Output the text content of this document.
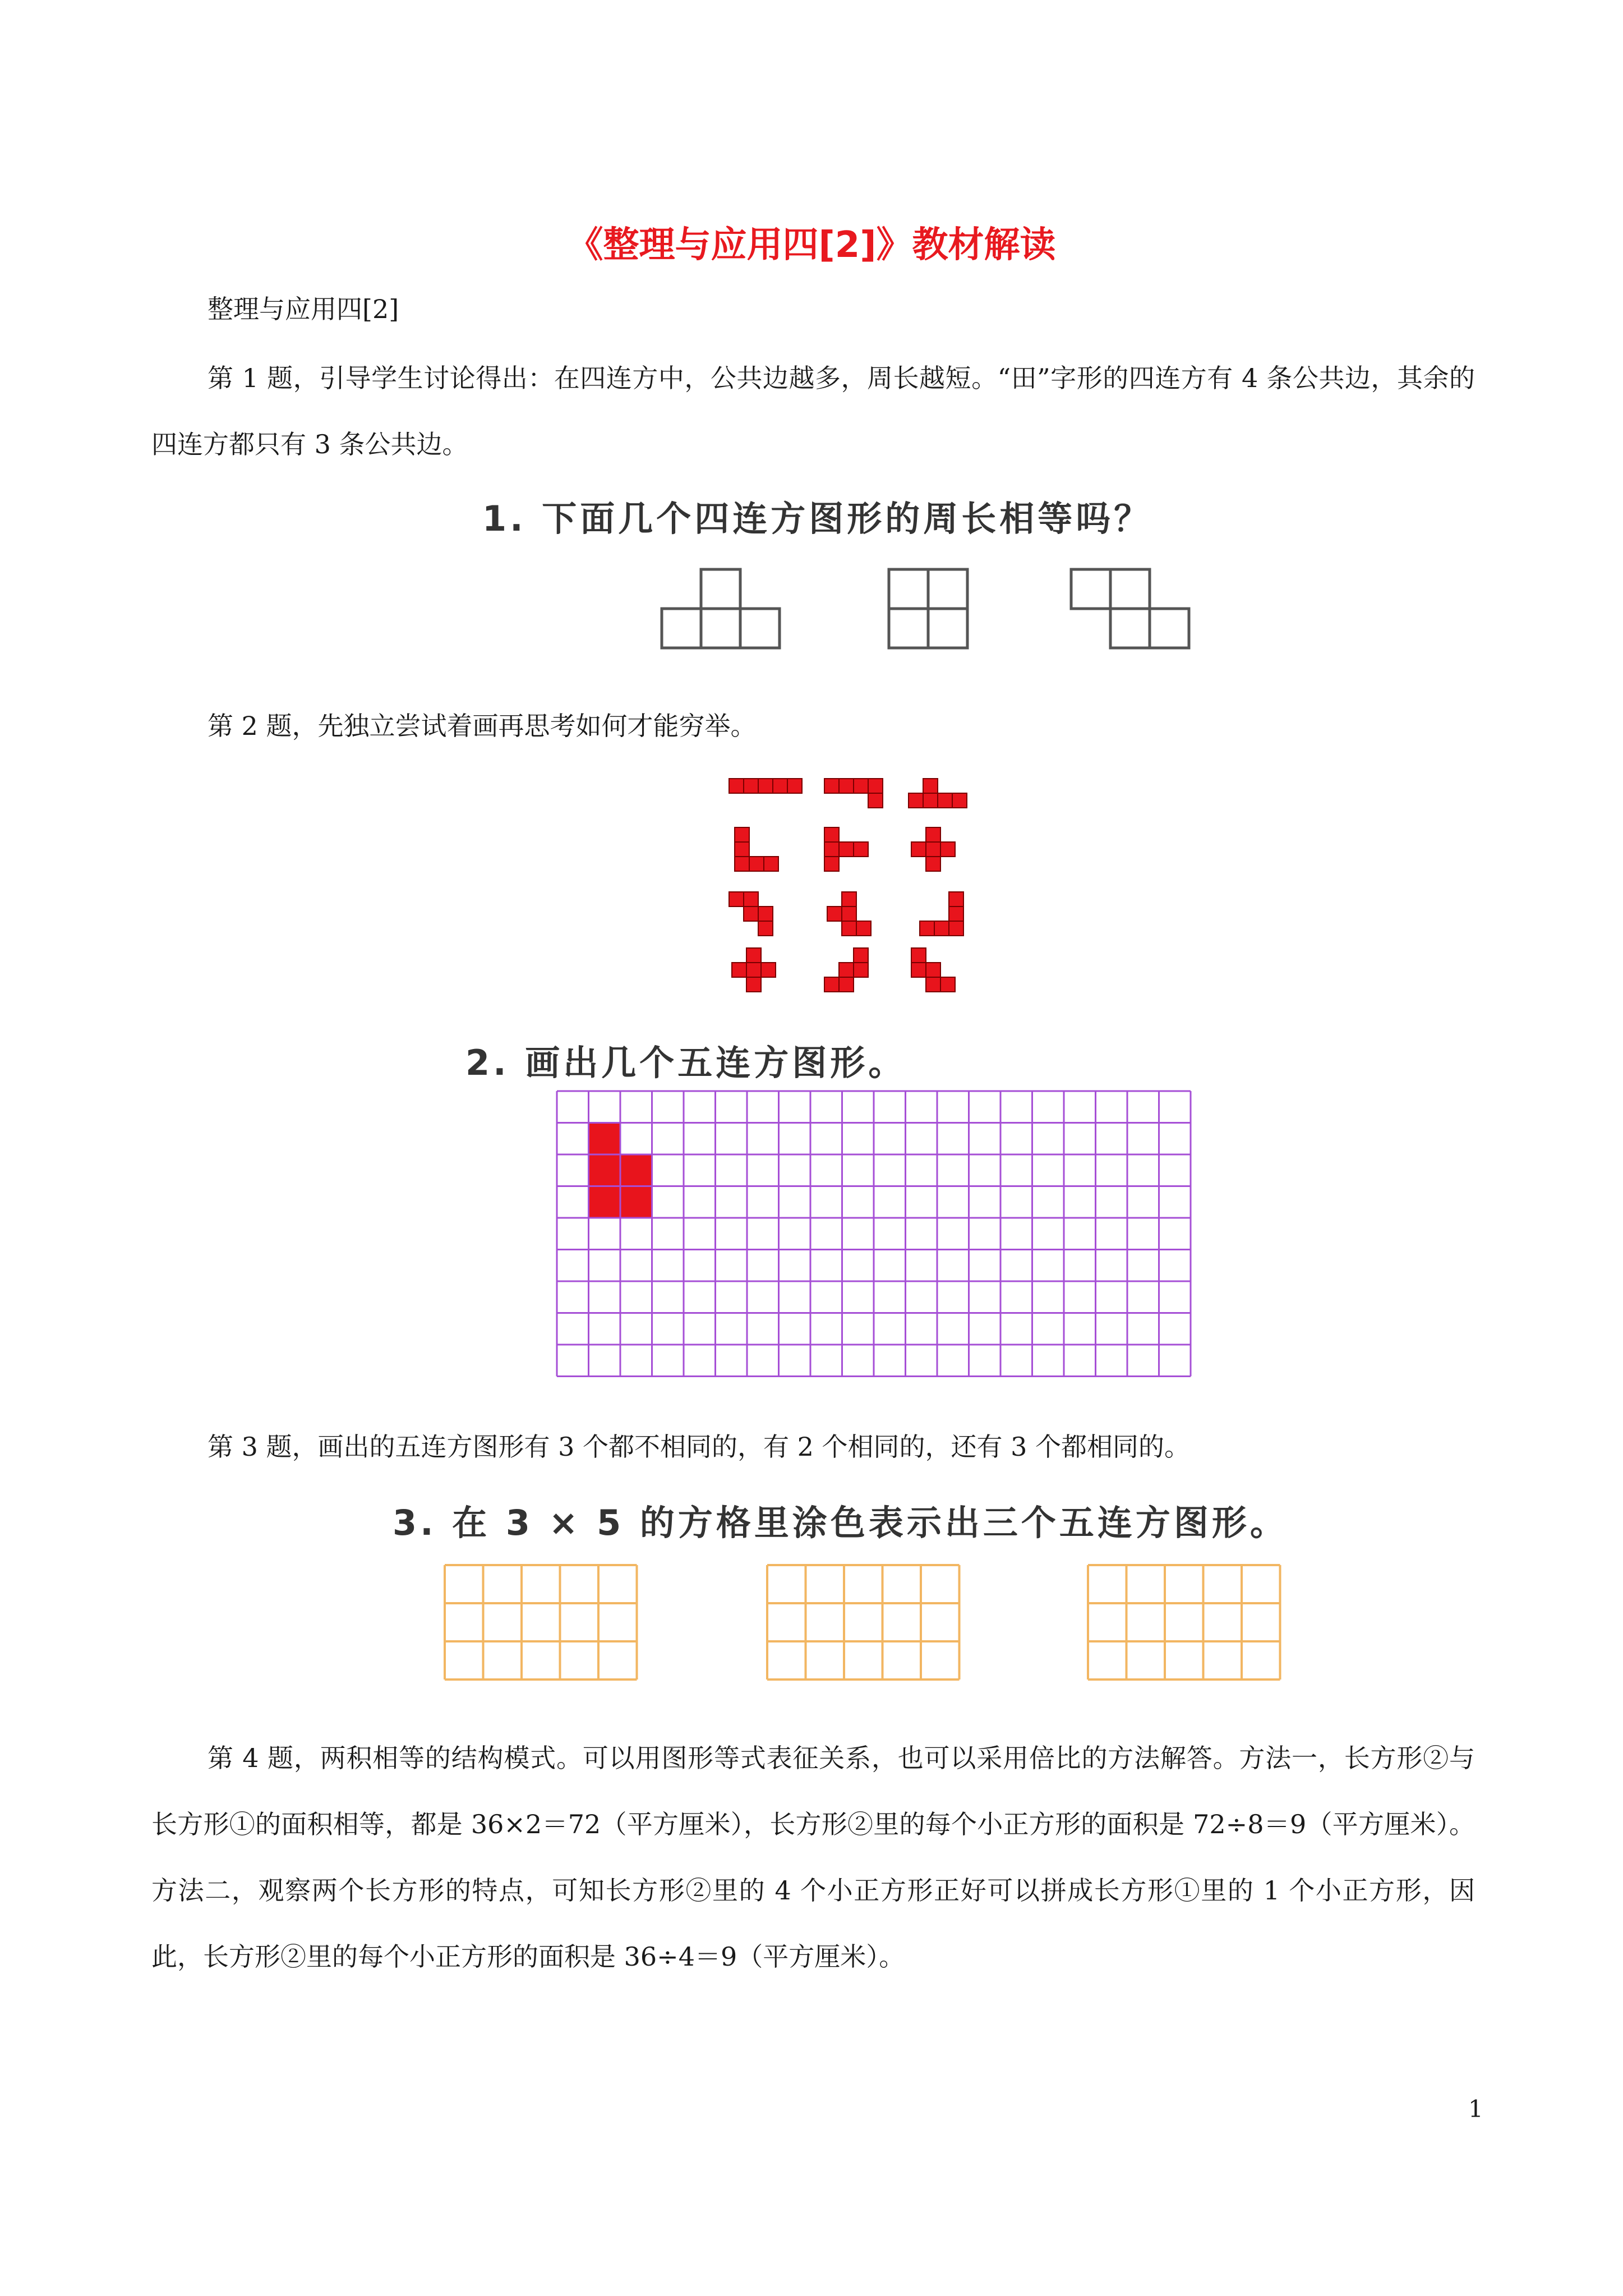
《整理与应用四[2]》教材解读
整理与应用四[2]
第 1 题，引导学生讨论得出：在四连方中，公共边越多，周长越短。“田”字形的四连方有 4 条公共边，其余的四连方都只有 3 条公共边。
1. 下面几个四连方图形的周长相等吗？
第 2 题，先独立尝试着画再思考如何才能穷举。
2. 画出几个五连方图形。
第 3 题，画出的五连方图形有 3 个都不相同的，有 2 个相同的，还有 3 个都相同的。
3. 在 3 × 5 的方格里涂色表示出三个五连方图形。
第 4 题，两积相等的结构模式。可以用图形等式表征关系，也可以采用倍比的方法解答。方法一，长方形②与长方形①的面积相等，都是 36×2＝72（平方厘米），长方形②里的每个小正方形的面积是 72÷8＝9（平方厘米）。方法二，观察两个长方形的特点，可知长方形②里的 4 个小正方形正好可以拼成长方形①里的 1 个小正方形，因此，长方形②里的每个小正方形的面积是 36÷4＝9（平方厘米）。
1
